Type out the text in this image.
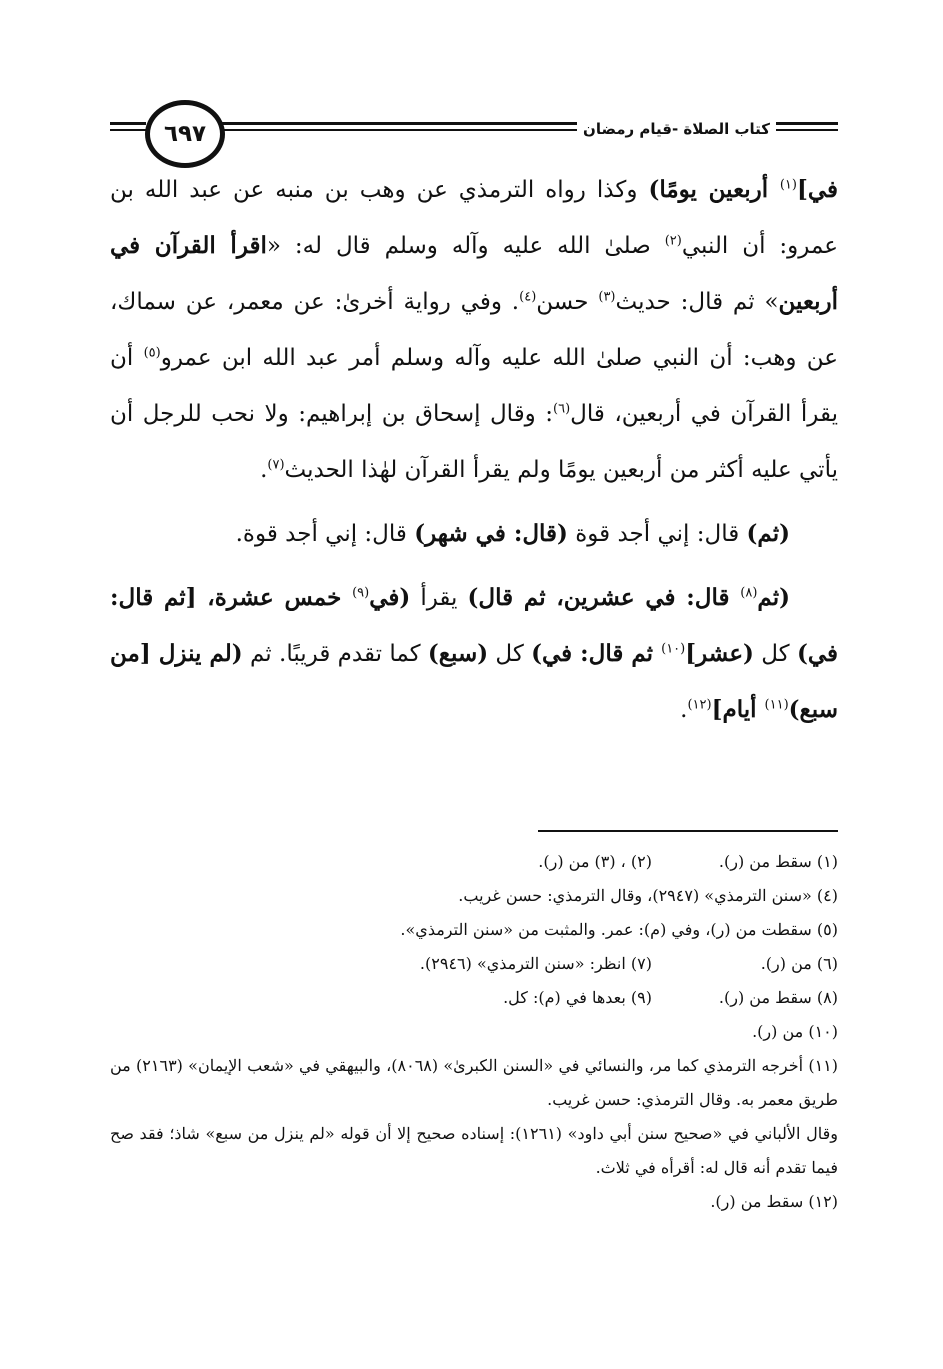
٦٩٧	كتاب الصلاة -قيام رمضان

في]$^{(١)}$ أربعين يومًا) وكذا رواه الترمذي عن وهب بن منبه عن عبد الله بن عمرو: أن النبي$^{(٢)}$ صلىٰ الله عليه وآله وسلم قال له: «اقرأ القرآن في أربعين» ثم قال: حديث$^{(٣)}$ حسن$^{(٤)}$. وفي رواية أخرىٰ: عن معمر، عن سماك، عن وهب: أن النبي صلىٰ الله عليه وآله وسلم أمر عبد الله ابن عمرو$^{(٥)}$ أن يقرأ القرآن في أربعين، قال$^{(٦)}$: وقال إسحاق بن إبراهيم: ولا نحب للرجل أن يأتي عليه أكثر من أربعين يومًا ولم يقرأ القرآن لهٰذا الحديث$^{(٧)}$.

(ثم) قال: إني أجد قوة (قال: في شهر) قال: إني أجد قوة.

(ثم$^{(٨)}$ قال: في عشرين، ثم قال) يقرأ (في$^{(٩)}$ خمس عشرة، [ثم قال: في) كل (عشر]$^{(١٠)}$ ثم قال: في) كل (سبع) كما تقدم قريبًا. ثم (لم ينزل [من سبع)$^{(١١)}$ أيام]$^{(١٢)}$.

(١) سقط من (ر).
(٢) ، (٣) من (ر).
(٤) «سنن الترمذي» (٢٩٤٧)، وقال الترمذي: حسن غريب.
(٥) سقطت من (ر)، وفي (م): عمر. والمثبت من «سنن الترمذي».
(٦) من (ر).
(٧) انظر: «سنن الترمذي» (٢٩٤٦).
(٨) سقط من (ر).
(٩) بعدها في (م): كل.
(١٠) من (ر).
(١١) أخرجه الترمذي كما مر، والنسائي في «السنن الكبرىٰ» (٨٠٦٨)، والبيهقي في «شعب الإيمان» (٢١٦٣) من طريق معمر به. وقال الترمذي: حسن غريب.
وقال الألباني في «صحيح سنن أبي داود» (١٢٦١): إسناده صحيح إلا أن قوله «لم ينزل من سبع» شاذ؛ فقد صح فيما تقدم أنه قال له: أقرأه في ثلاث.
(١٢) سقط من (ر).
